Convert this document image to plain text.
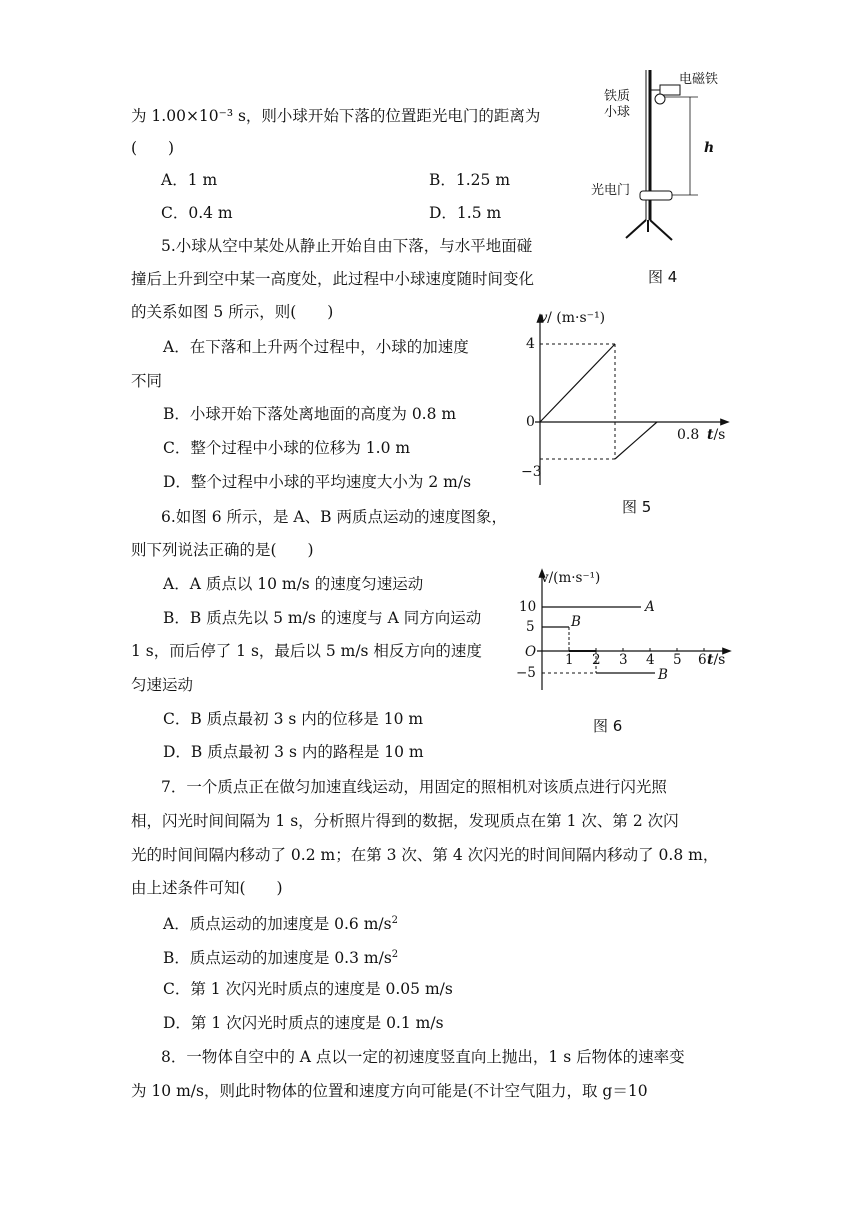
为 1.00×10⁻³ s，则小球开始下落的位置距光电门的距离为
(　　)
A．1 m	B．1.25 m
C．0.4 m	D．1.5 m
电磁铁
铁质
小球
h
光电门
图 4
5.小球从空中某处从静止开始自由下落，与水平地面碰
撞后上升到空中某一高度处，此过程中小球速度随时间变化
的关系如图 5 所示，则(　　)
A．在下落和上升两个过程中，小球的加速度
不同
B．小球开始下落处离地面的高度为 0.8 m
C．整个过程中小球的位移为 1.0 m
D．整个过程中小球的平均速度大小为 2 m/s
v/ (m·s⁻¹)
4
0
−3
0.8 t/s
图 5
6.如图 6 所示，是 A、B 两质点运动的速度图象，
则下列说法正确的是(　　)
A．A 质点以 10 m/s 的速度匀速运动
B．B 质点先以 5 m/s 的速度与 A 同方向运动
1 s，而后停了 1 s，最后以 5 m/s 相反方向的速度
匀速运动
C．B 质点最初 3 s 内的位移是 10 m
D．B 质点最初 3 s 内的路程是 10 m
v/(m·s⁻¹)
10
5
O
−5
1 2 3 4 5 6 t/s
A
B
B
图 6
7．一个质点正在做匀加速直线运动，用固定的照相机对该质点进行闪光照
相，闪光时间间隔为 1 s，分析照片得到的数据，发现质点在第 1 次、第 2 次闪
光的时间间隔内移动了 0.2 m；在第 3 次、第 4 次闪光的时间间隔内移动了 0.8 m，
由上述条件可知(　　)
A．质点运动的加速度是 0.6 $m/s^2$
B．质点运动的加速度是 0.3 $m/s^2$
C．第 1 次闪光时质点的速度是 0.05 m/s
D．第 1 次闪光时质点的速度是 0.1 m/s
8．一物体自空中的 A 点以一定的初速度竖直向上抛出，1 s 后物体的速率变
为 10 m/s，则此时物体的位置和速度方向可能是(不计空气阻力，取 g＝10
